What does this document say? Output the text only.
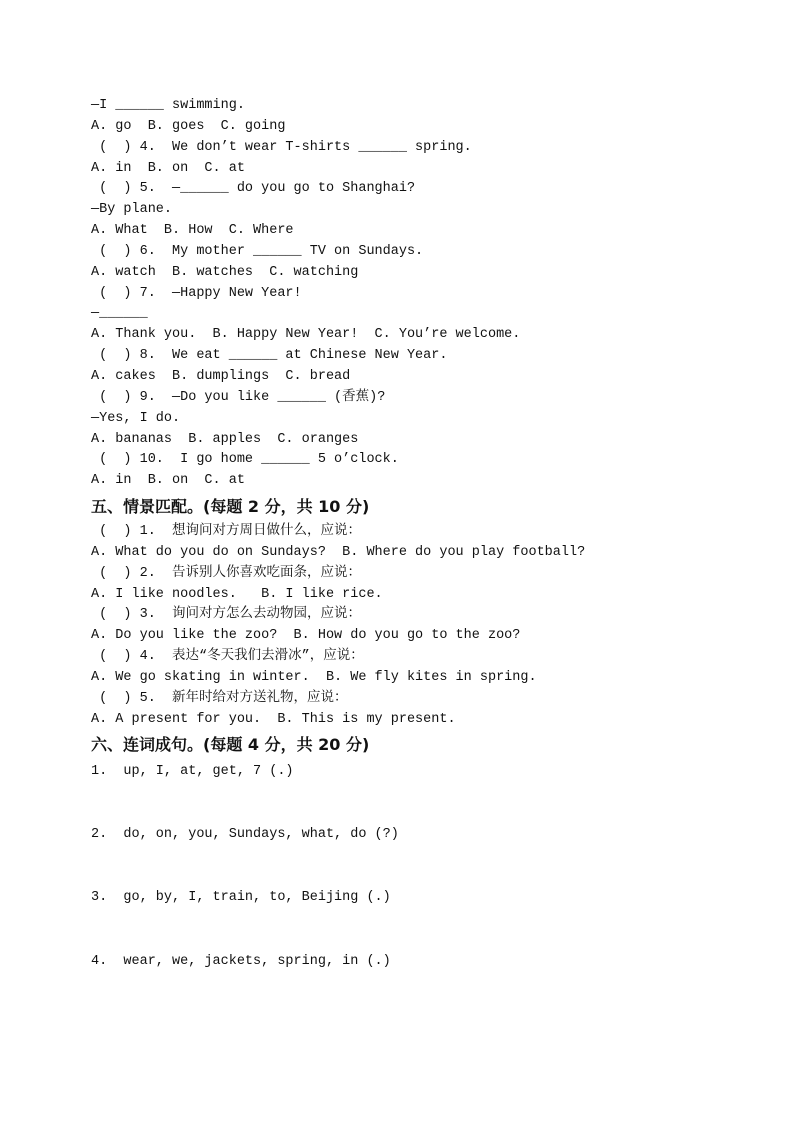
—I ______ swimming.
A. go  B. goes  C. going
(  ) 4.  We don’t wear T-shirts ______ spring.
A. in  B. on  C. at
(  ) 5.  —______ do you go to Shanghai?
—By plane.
A. What  B. How  C. Where
(  ) 6.  My mother ______ TV on Sundays.
A. watch  B. watches  C. watching
(  ) 7.  —Happy New Year!
—______
A. Thank you.  B. Happy New Year!  C. You’re welcome.
(  ) 8.  We eat ______ at Chinese New Year.
A. cakes  B. dumplings  C. bread
(  ) 9.  —Do you like ______ (香蕉)?
—Yes, I do.
A. bananas  B. apples  C. oranges
(  ) 10.  I go home ______ 5 o’clock.
A. in  B. on  C. at
五、情景匹配。(每题 2 分，共 10 分)
(  ) 1.  想询问对方周日做什么，应说：
A. What do you do on Sundays?  B. Where do you play football?
(  ) 2.  告诉别人你喜欢吃面条，应说：
A. I like noodles.   B. I like rice.
(  ) 3.  询问对方怎么去动物园，应说：
A. Do you like the zoo?  B. How do you go to the zoo?
(  ) 4.  表达“冬天我们去滑冰”，应说：
A. We go skating in winter.  B. We fly kites in spring.
(  ) 5.  新年时给对方送礼物，应说：
A. A present for you.  B. This is my present.
六、连词成句。(每题 4 分，共 20 分)
1.  up, I, at, get, 7 (.)
2.  do, on, you, Sundays, what, do (?)
3.  go, by, I, train, to, Beijing (.)
4.  wear, we, jackets, spring, in (.)
